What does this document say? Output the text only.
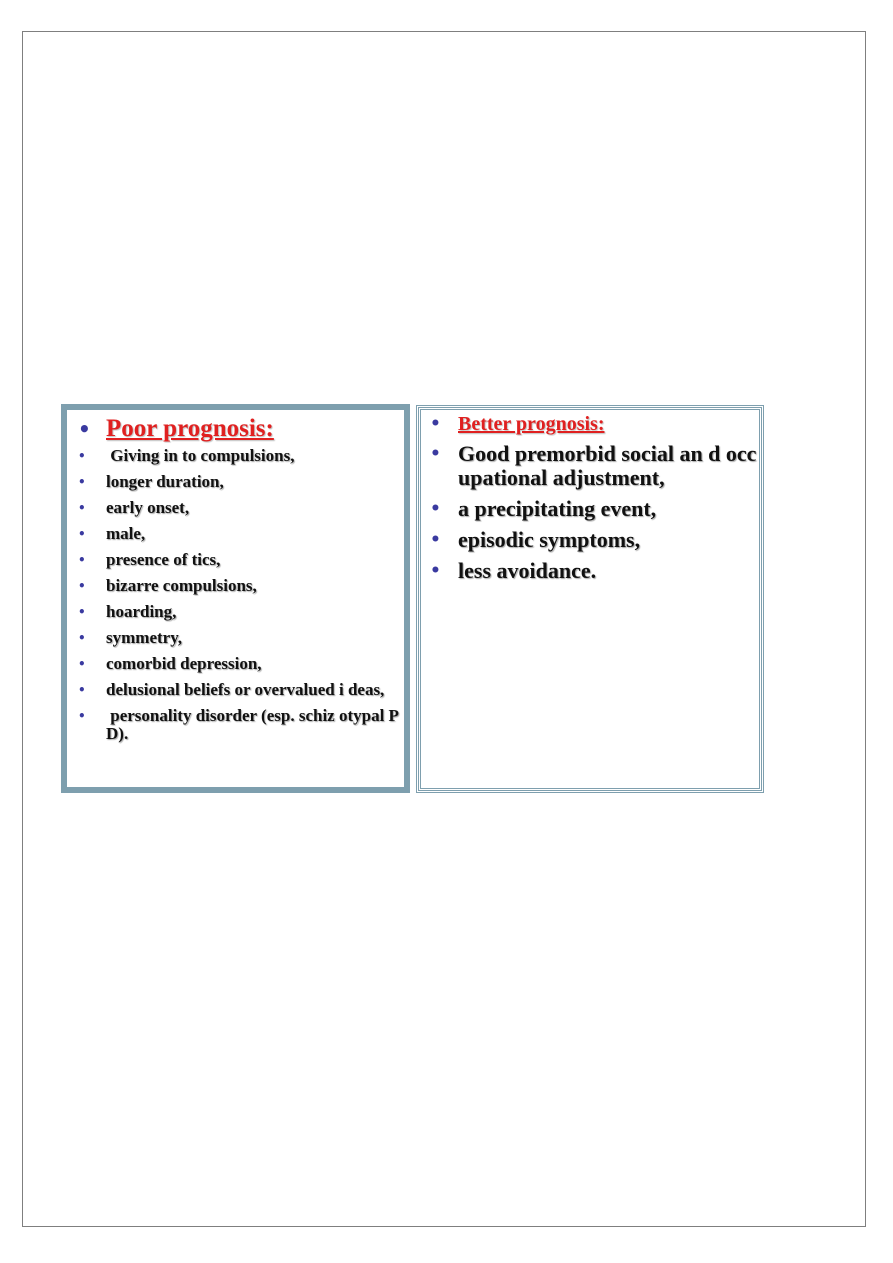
• Poor prognosis:
• Giving in to compulsions,
• longer duration,
• early onset,
• male,
• presence of tics,
• bizarre compulsions,
• hoarding,
• symmetry,
• comorbid depression,
• delusional beliefs or overvalued i deas,
• personality disorder (esp. schiz otypal PD).
• Better prognosis:
• Good premorbid social an d occupational adjustment,
• a precipitating event,
• episodic symptoms,
• less avoidance.
